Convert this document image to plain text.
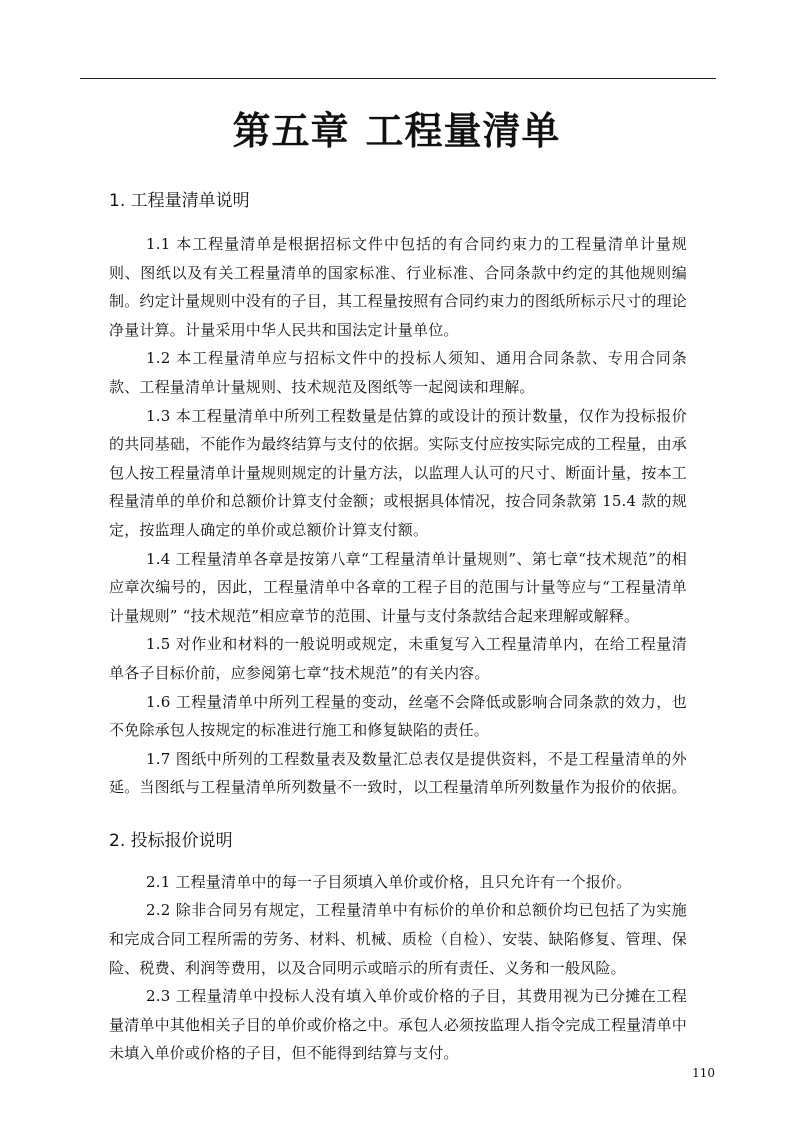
第五章 工程量清单
1. 工程量清单说明

1.1 本工程量清单是根据招标文件中包括的有合同约束力的工程量清单计量规则、图纸以及有关工程量清单的国家标准、行业标准、合同条款中约定的其他规则编制。约定计量规则中没有的子目，其工程量按照有合同约束力的图纸所标示尺寸的理论净量计算。计量采用中华人民共和国法定计量单位。

1.2 本工程量清单应与招标文件中的投标人须知、通用合同条款、专用合同条款、工程量清单计量规则、技术规范及图纸等一起阅读和理解。

1.3 本工程量清单中所列工程数量是估算的或设计的预计数量，仅作为投标报价的共同基础，不能作为最终结算与支付的依据。实际支付应按实际完成的工程量，由承包人按工程量清单计量规则规定的计量方法，以监理人认可的尺寸、断面计量，按本工程量清单的单价和总额价计算支付金额；或根据具体情况，按合同条款第 15.4 款的规定，按监理人确定的单价或总额价计算支付额。

1.4 工程量清单各章是按第八章“工程量清单计量规则”、第七章“技术规范”的相应章次编号的，因此，工程量清单中各章的工程子目的范围与计量等应与“工程量清单计量规则” “技术规范”相应章节的范围、计量与支付条款结合起来理解或解释。

1.5 对作业和材料的一般说明或规定，未重复写入工程量清单内，在给工程量清单各子目标价前，应参阅第七章“技术规范”的有关内容。

1.6 工程量清单中所列工程量的变动，丝毫不会降低或影响合同条款的效力，也不免除承包人按规定的标准进行施工和修复缺陷的责任。

1.7 图纸中所列的工程数量表及数量汇总表仅是提供资料，不是工程量清单的外延。当图纸与工程量清单所列数量不一致时，以工程量清单所列数量作为报价的依据。

2. 投标报价说明

2.1 工程量清单中的每一子目须填入单价或价格，且只允许有一个报价。

2.2 除非合同另有规定，工程量清单中有标价的单价和总额价均已包括了为实施和完成合同工程所需的劳务、材料、机械、质检（自检）、安装、缺陷修复、管理、保险、税费、利润等费用，以及合同明示或暗示的所有责任、义务和一般风险。

2.3 工程量清单中投标人没有填入单价或价格的子目，其费用视为已分摊在工程量清单中其他相关子目的单价或价格之中。承包人必须按监理人指令完成工程量清单中未填入单价或价格的子目，但不能得到结算与支付。

110
